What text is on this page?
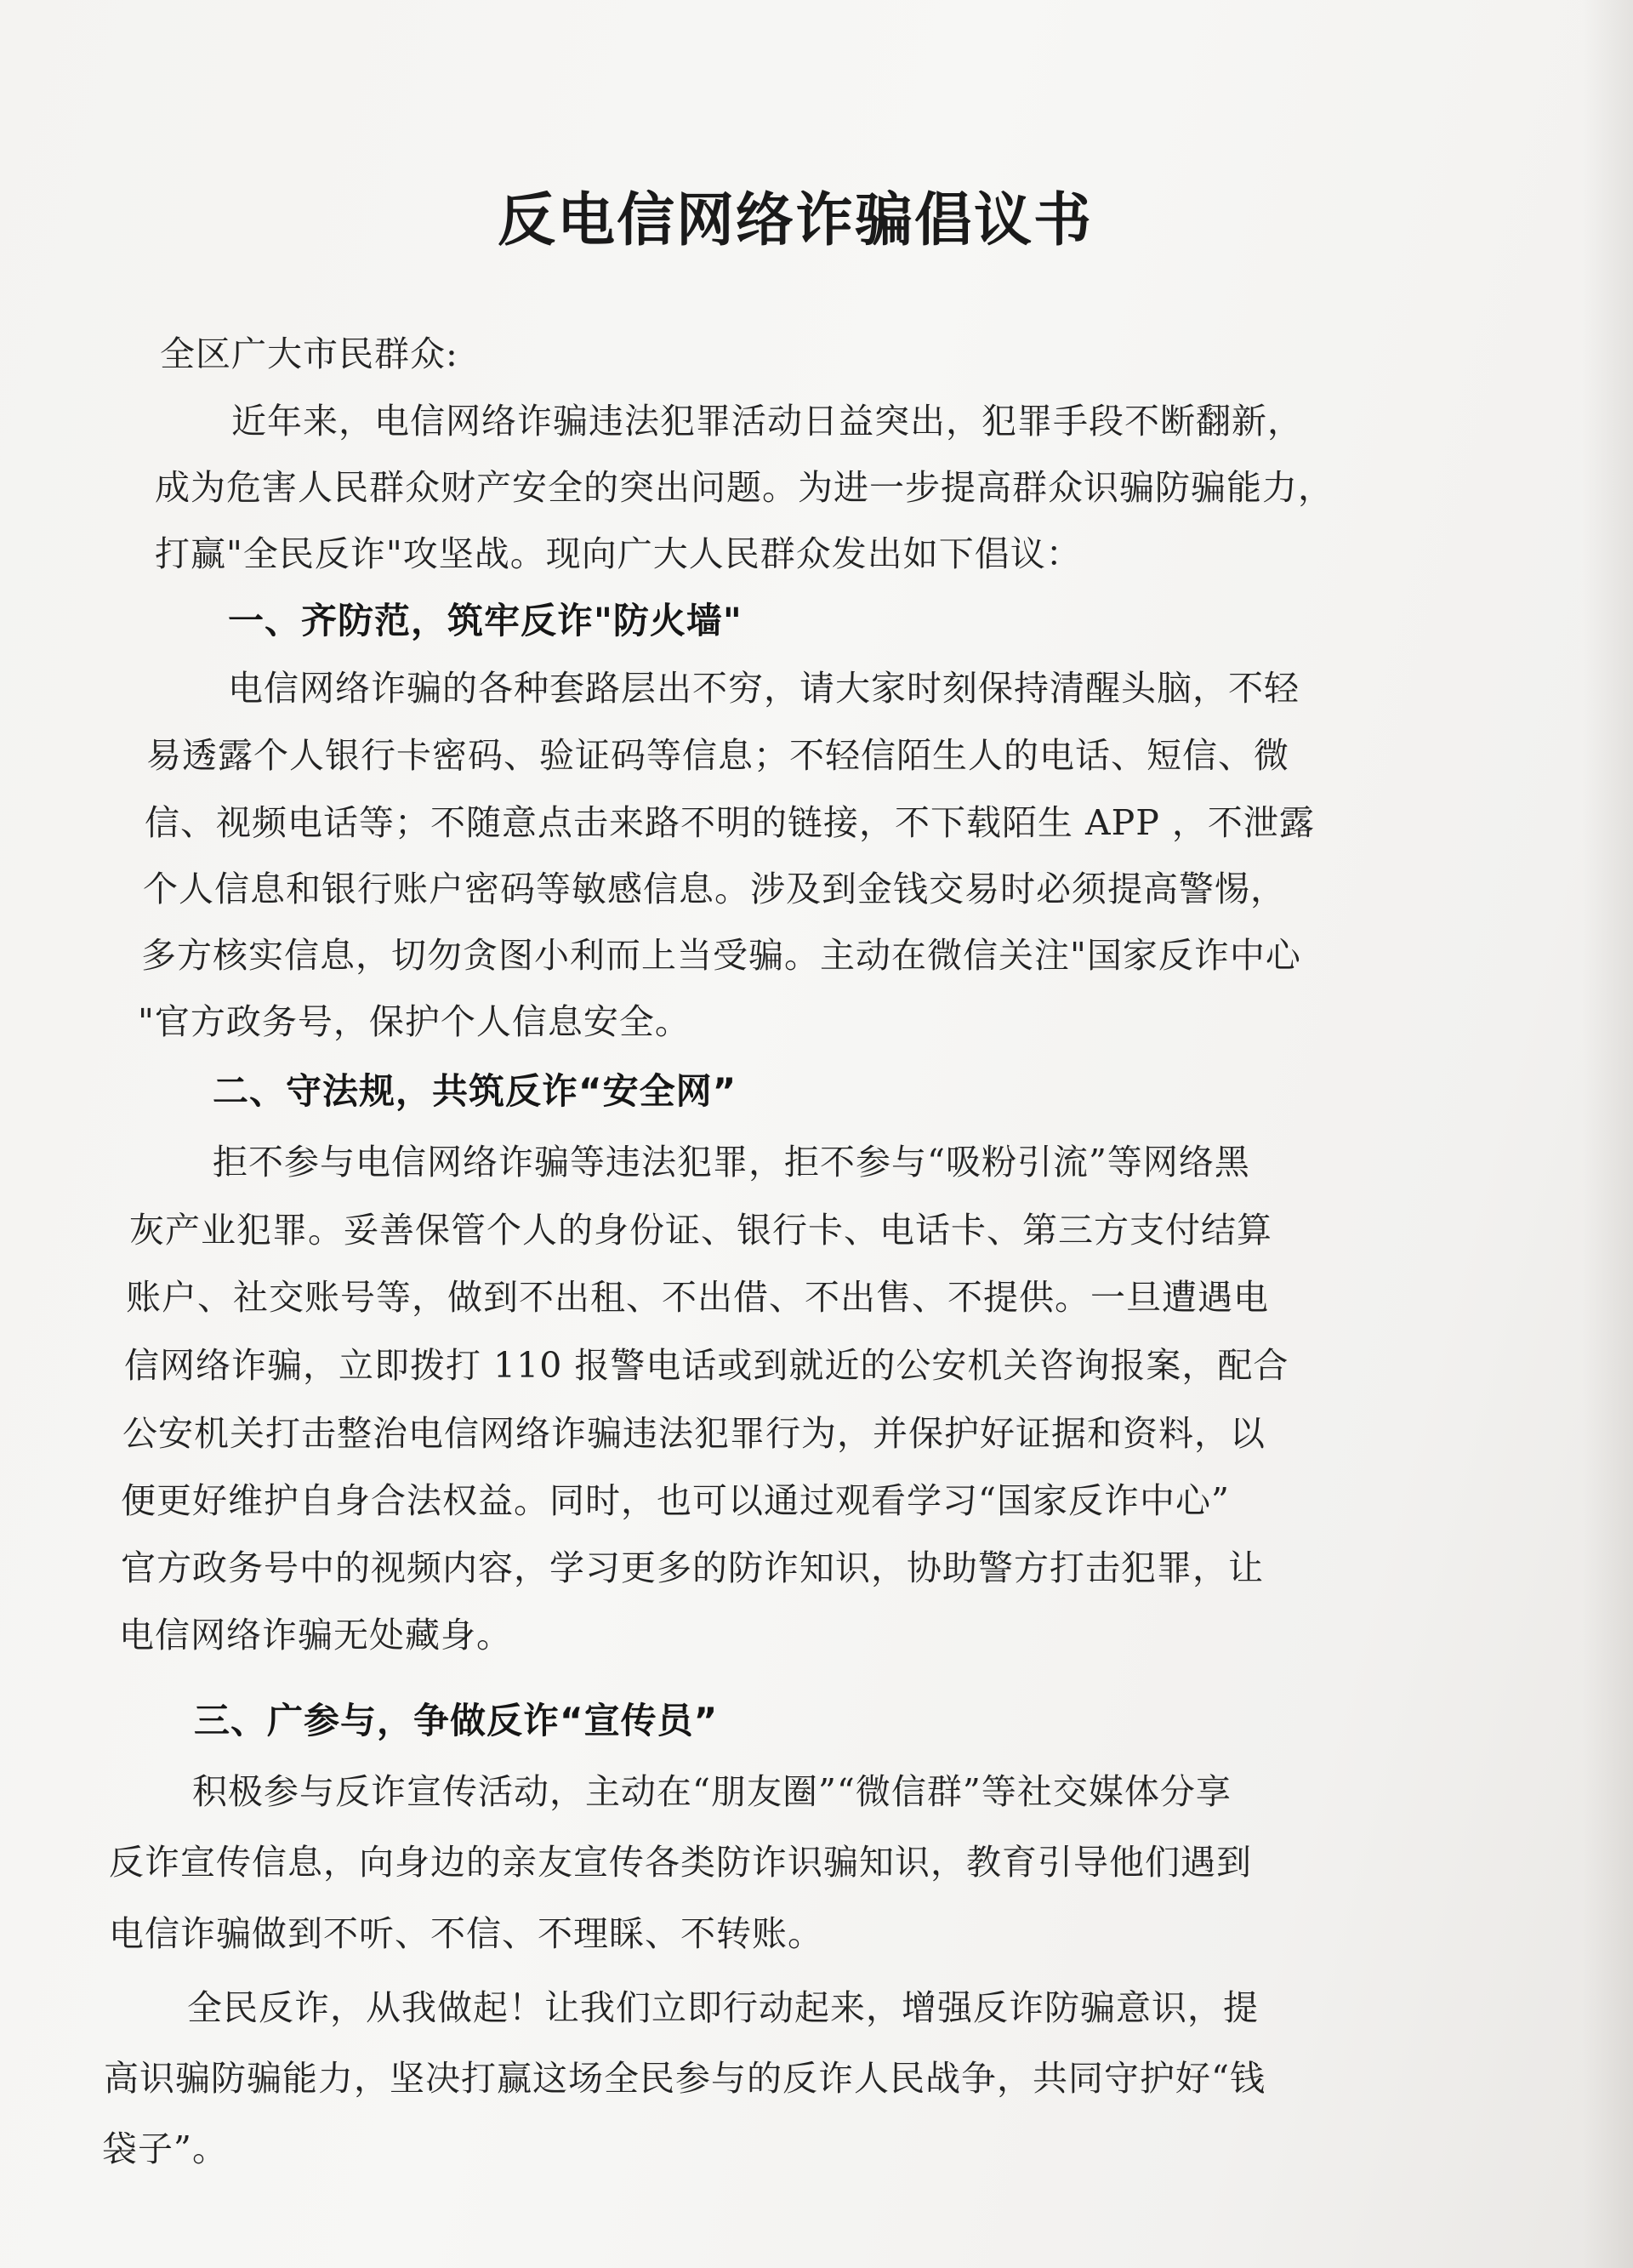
反电信网络诈骗倡议书
全区广大市民群众:
近年来，电信网络诈骗违法犯罪活动日益突出，犯罪手段不断翻新，
成为危害人民群众财产安全的突出问题。为进一步提高群众识骗防骗能力，
打赢"全民反诈"攻坚战。现向广大人民群众发出如下倡议：
一、齐防范，筑牢反诈"防火墙"
电信网络诈骗的各种套路层出不穷，请大家时刻保持清醒头脑，不轻
易透露个人银行卡密码、验证码等信息；不轻信陌生人的电话、短信、微
信、视频电话等；不随意点击来路不明的链接，不下载陌生 APP ，不泄露
个人信息和银行账户密码等敏感信息。涉及到金钱交易时必须提高警惕，
多方核实信息，切勿贪图小利而上当受骗。主动在微信关注"国家反诈中心
"官方政务号，保护个人信息安全。
二、守法规，共筑反诈“安全网”
拒不参与电信网络诈骗等违法犯罪，拒不参与“吸粉引流”等网络黑
灰产业犯罪。妥善保管个人的身份证、银行卡、电话卡、第三方支付结算
账户、社交账号等，做到不出租、不出借、不出售、不提供。一旦遭遇电
信网络诈骗，立即拨打 110 报警电话或到就近的公安机关咨询报案，配合
公安机关打击整治电信网络诈骗违法犯罪行为，并保护好证据和资料，以
便更好维护自身合法权益。同时，也可以通过观看学习“国家反诈中心”
官方政务号中的视频内容，学习更多的防诈知识，协助警方打击犯罪，让
电信网络诈骗无处藏身。
三、广参与，争做反诈“宣传员”
积极参与反诈宣传活动，主动在“朋友圈”“微信群”等社交媒体分享
反诈宣传信息，向身边的亲友宣传各类防诈识骗知识，教育引导他们遇到
电信诈骗做到不听、不信、不理睬、不转账。
全民反诈，从我做起！让我们立即行动起来，增强反诈防骗意识，提
高识骗防骗能力，坚决打赢这场全民参与的反诈人民战争，共同守护好“钱
袋子”。
